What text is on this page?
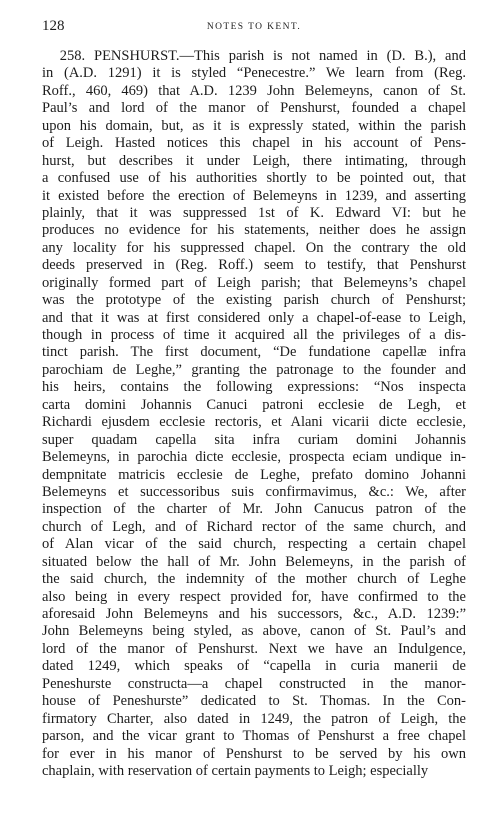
128	NOTES TO KENT.
258. PENSHURST.—This parish is not named in (D. B.), and
in (A.D. 1291) it is styled “Penecestre.” We learn from (Reg.
Roff., 460, 469) that A.D. 1239 John Belemeyns, canon of St.
Paul’s and lord of the manor of Penshurst, founded a chapel
upon his domain, but, as it is expressly stated, within the parish
of Leigh. Hasted notices this chapel in his account of Pens-
hurst, but describes it under Leigh, there intimating, through
a confused use of his authorities shortly to be pointed out, that
it existed before the erection of Belemeyns in 1239, and asserting
plainly, that it was suppressed 1st of K. Edward VI: but he
produces no evidence for his statements, neither does he assign
any locality for his suppressed chapel. On the contrary the old
deeds preserved in (Reg. Roff.) seem to testify, that Penshurst
originally formed part of Leigh parish; that Belemeyns’s chapel
was the prototype of the existing parish church of Penshurst;
and that it was at first considered only a chapel-of-ease to Leigh,
though in process of time it acquired all the privileges of a dis-
tinct parish. The first document, “De fundatione capellæ infra
parochiam de Leghe,” granting the patronage to the founder and
his heirs, contains the following expressions: “Nos inspecta
carta domini Johannis Canuci patroni ecclesie de Legh, et
Richardi ejusdem ecclesie rectoris, et Alani vicarii dicte ecclesie,
super quadam capella sita infra curiam domini Johannis
Belemeyns, in parochia dicte ecclesie, prospecta eciam undique in-
dempnitate matricis ecclesie de Leghe, prefato domino Johanni
Belemeyns et successoribus suis confirmavimus, &c.: We, after
inspection of the charter of Mr. John Canucus patron of the
church of Legh, and of Richard rector of the same church, and
of Alan vicar of the said church, respecting a certain chapel
situated below the hall of Mr. John Belemeyns, in the parish of
the said church, the indemnity of the mother church of Leghe
also being in every respect provided for, have confirmed to the
aforesaid John Belemeyns and his successors, &c., A.D. 1239:”
John Belemeyns being styled, as above, canon of St. Paul’s and
lord of the manor of Penshurst. Next we have an Indulgence,
dated 1249, which speaks of “capella in curia manerii de
Peneshurste constructa—a chapel constructed in the manor-
house of Peneshurste” dedicated to St. Thomas. In the Con-
firmatory Charter, also dated in 1249, the patron of Leigh, the
parson, and the vicar grant to Thomas of Penshurst a free chapel
for ever in his manor of Penshurst to be served by his own
chaplain, with reservation of certain payments to Leigh; especially
